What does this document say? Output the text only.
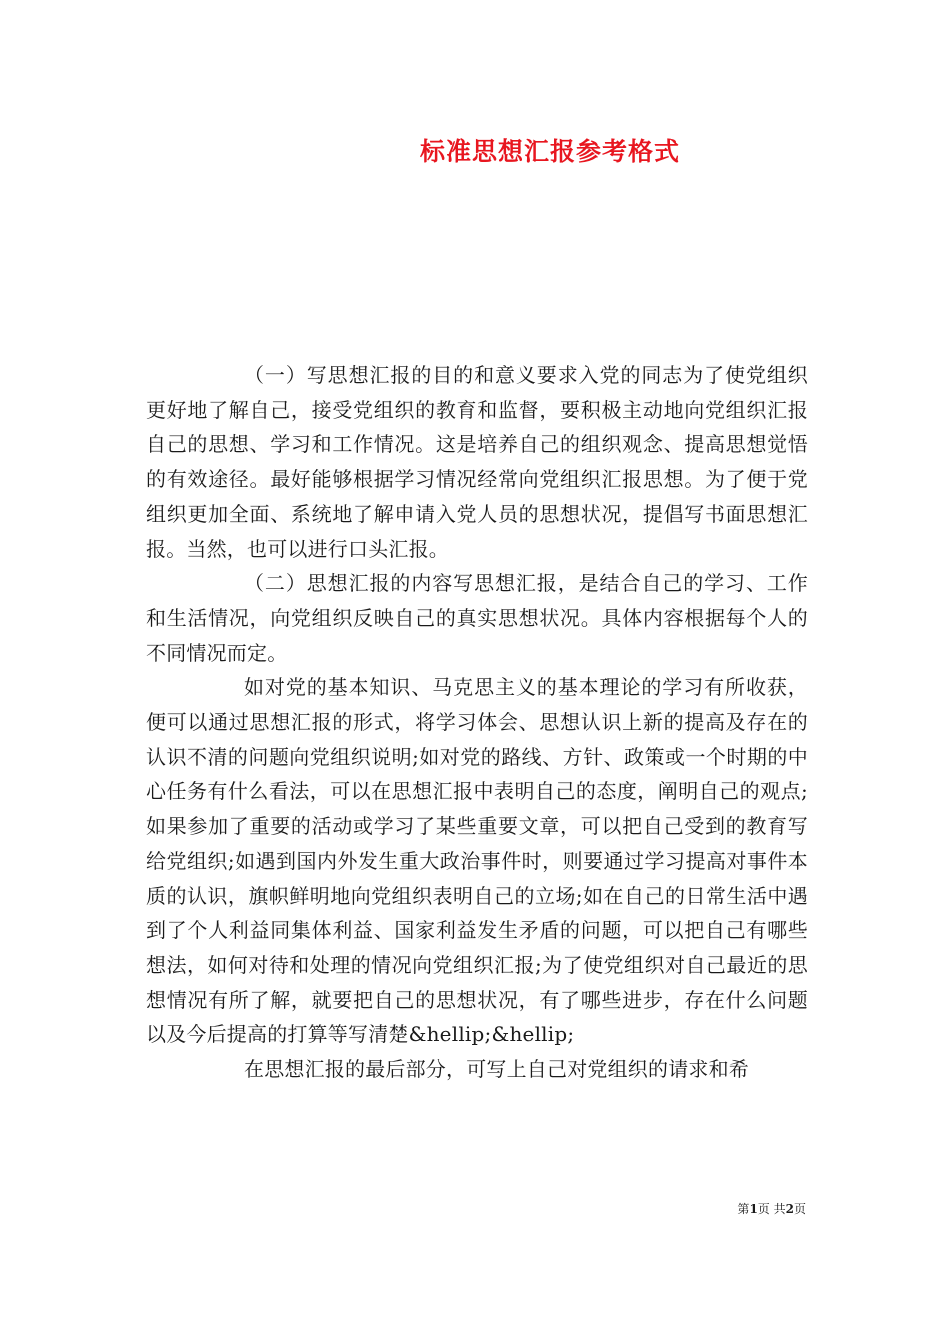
标准思想汇报参考格式

（一）写思想汇报的目的和意义要求入党的同志为了使党组织更好地了解自己，接受党组织的教育和监督，要积极主动地向党组织汇报自己的思想、学习和工作情况。这是培养自己的组织观念、提高思想觉悟的有效途径。最好能够根据学习情况经常向党组织汇报思想。为了便于党组织更加全面、系统地了解申请入党人员的思想状况，提倡写书面思想汇报。当然，也可以进行口头汇报。

（二）思想汇报的内容写思想汇报，是结合自己的学习、工作和生活情况，向党组织反映自己的真实思想状况。具体内容根据每个人的不同情况而定。

如对党的基本知识、马克思主义的基本理论的学习有所收获，便可以通过思想汇报的形式，将学习体会、思想认识上新的提高及存在的认识不清的问题向党组织说明;如对党的路线、方针、政策或一个时期的中心任务有什么看法，可以在思想汇报中表明自己的态度，阐明自己的观点;如果参加了重要的活动或学习了某些重要文章，可以把自己受到的教育写给党组织;如遇到国内外发生重大政治事件时，则要通过学习提高对事件本质的认识，旗帜鲜明地向党组织表明自己的立场;如在自己的日常生活中遇到了个人利益同集体利益、国家利益发生矛盾的问题，可以把自己有哪些想法，如何对待和处理的情况向党组织汇报;为了使党组织对自己最近的思想情况有所了解，就要把自己的思想状况，有了哪些进步，存在什么问题以及今后提高的打算等写清楚&hellip;&hellip;

在思想汇报的最后部分，可写上自己对党组织的请求和希

第1页 共2页
